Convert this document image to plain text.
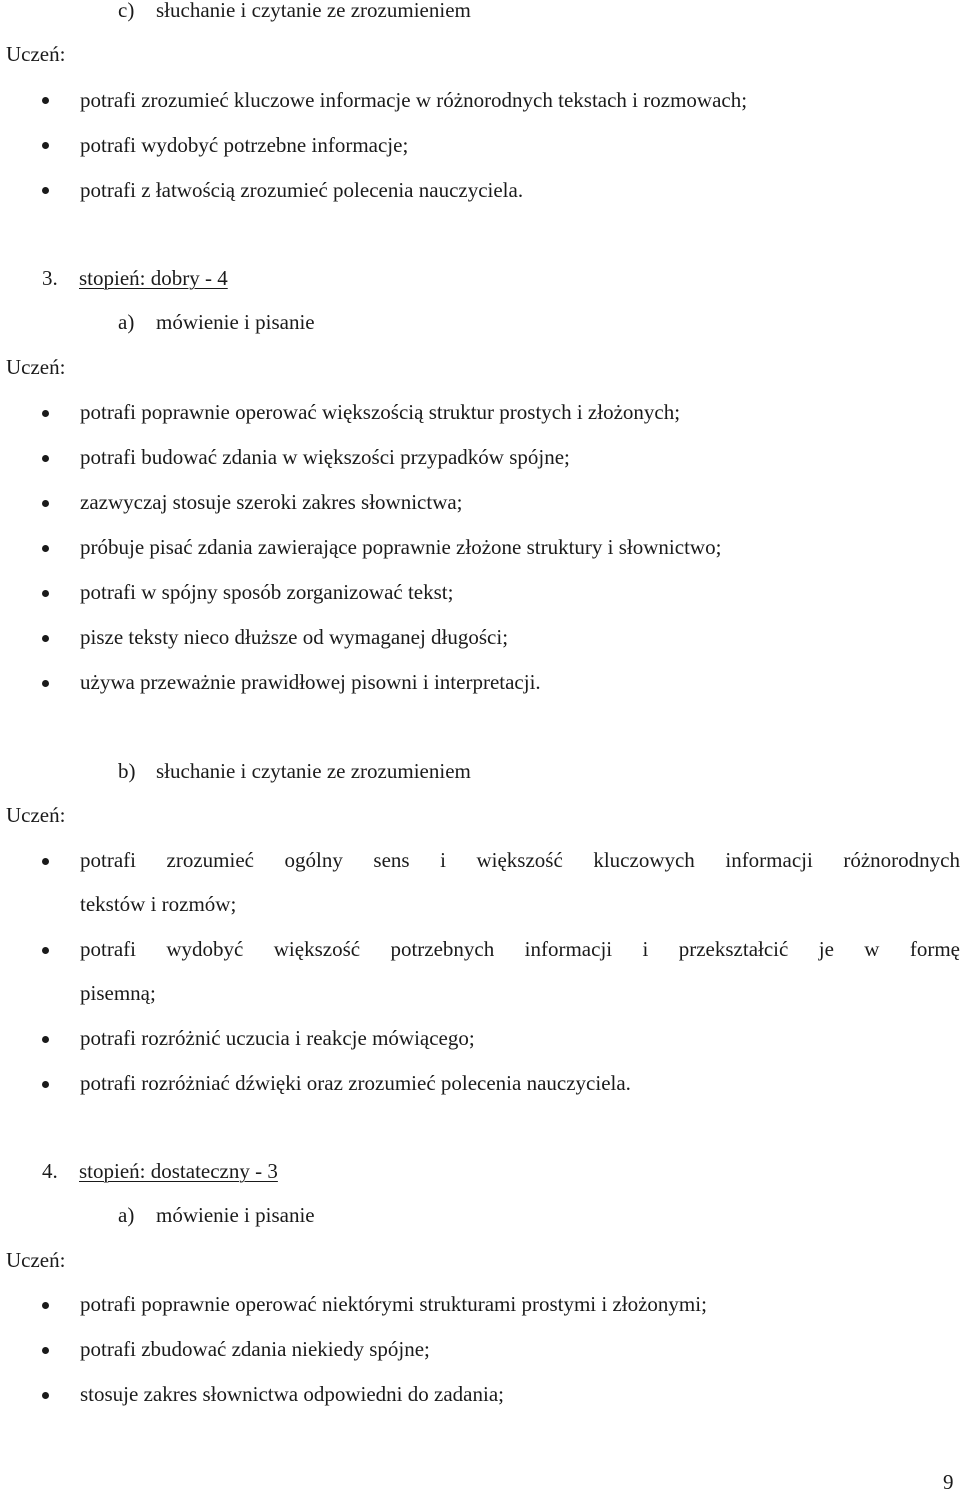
c) słuchanie i czytanie ze zrozumieniem
Uczeń:
potrafi zrozumieć kluczowe informacje w różnorodnych tekstach i rozmowach;
potrafi wydobyć potrzebne informacje;
potrafi z łatwością zrozumieć polecenia nauczyciela.
3. stopień: dobry - 4
a) mówienie i pisanie
Uczeń:
potrafi poprawnie operować większością struktur prostych i złożonych;
potrafi budować zdania w większości przypadków spójne;
zazwyczaj stosuje szeroki zakres słownictwa;
próbuje pisać zdania zawierające poprawnie złożone struktury i słownictwo;
potrafi w spójny sposób zorganizować tekst;
pisze teksty nieco dłuższe od wymaganej długości;
używa przeważnie prawidłowej pisowni i interpretacji.
b) słuchanie i czytanie ze zrozumieniem
Uczeń:
potrafi zrozumieć ogólny sens i większość kluczowych informacji różnorodnych
tekstów i rozmów;
potrafi wydobyć większość potrzebnych informacji i przekształcić je w formę
pisemną;
potrafi rozróżnić uczucia i reakcje mówiącego;
potrafi rozróżniać dźwięki oraz zrozumieć polecenia nauczyciela.
4. stopień: dostateczny - 3
a) mówienie i pisanie
Uczeń:
potrafi poprawnie operować niektórymi strukturami prostymi i złożonymi;
potrafi zbudować zdania niekiedy spójne;
stosuje zakres słownictwa odpowiedni do zadania;
9
